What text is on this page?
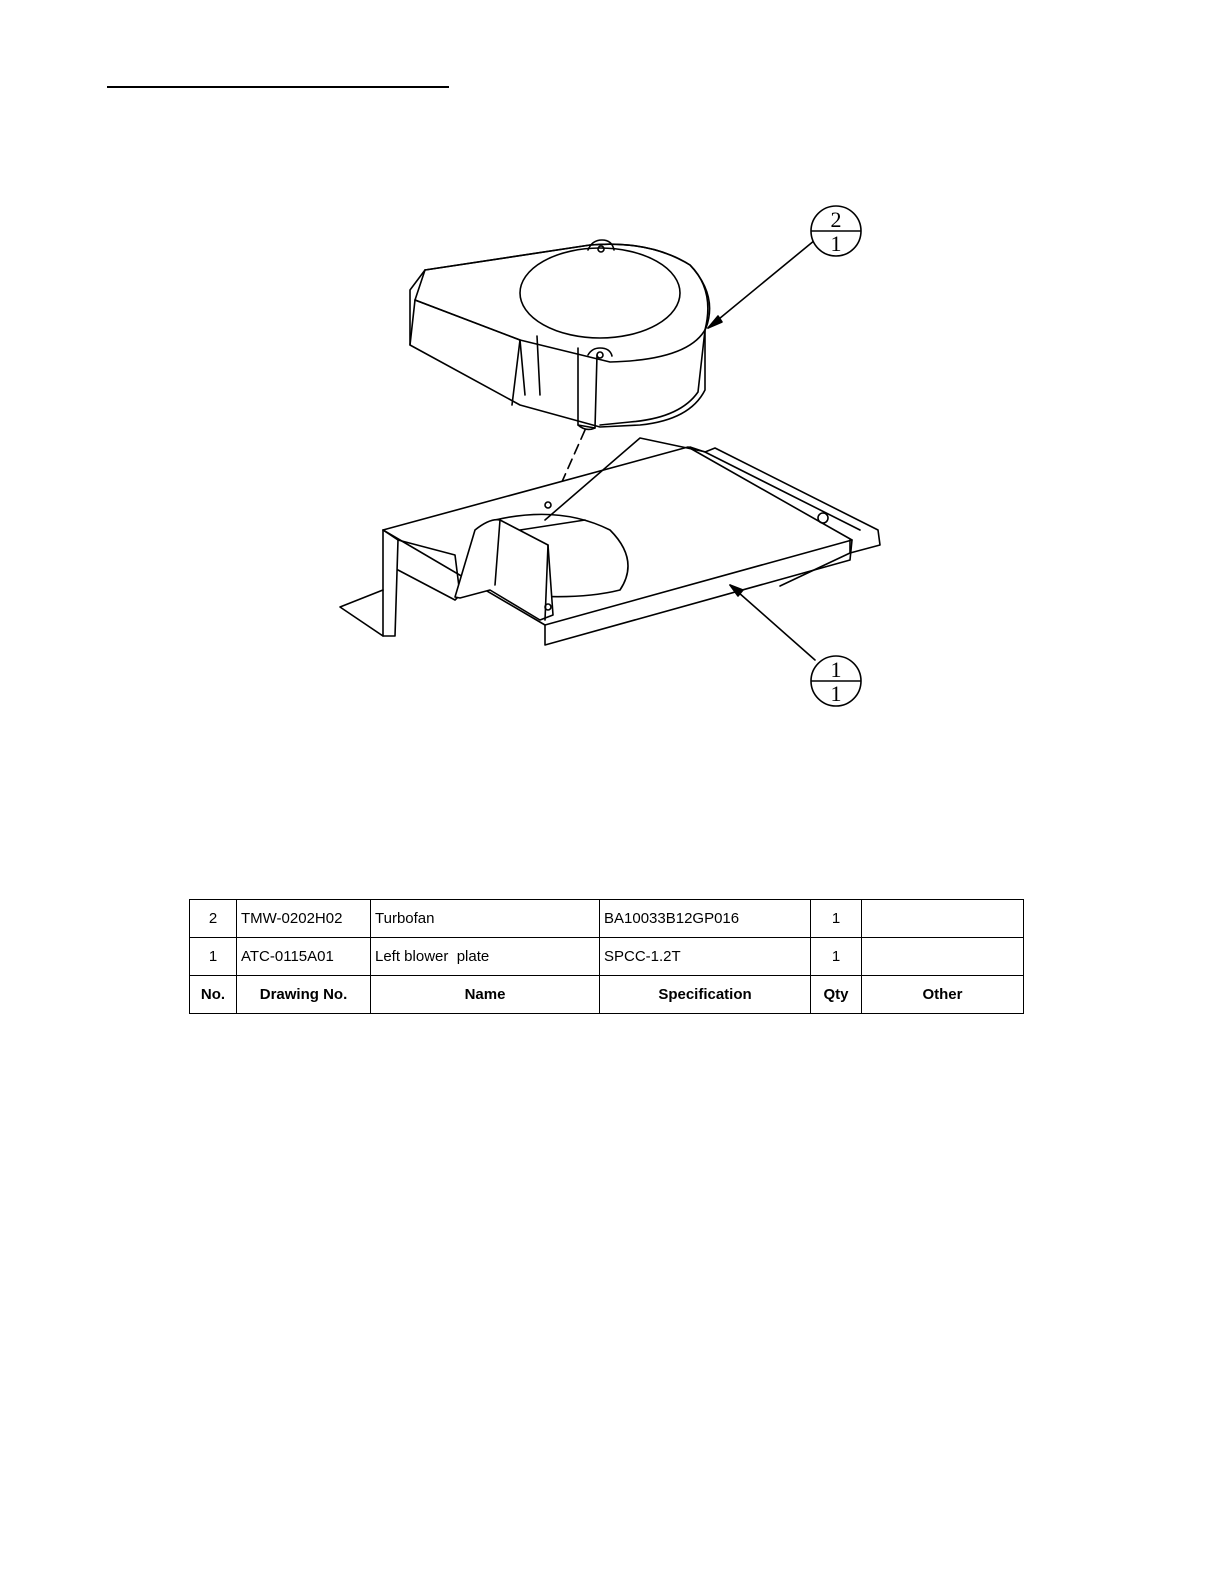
2
1
1
1
2	TMW-0202H02	Turbofan	BA10033B12GP016	1	
1	ATC-0115A01	Left blower  plate	SPCC-1.2T	1	
No.	Drawing No.	Name	Specification	Qty	Other
